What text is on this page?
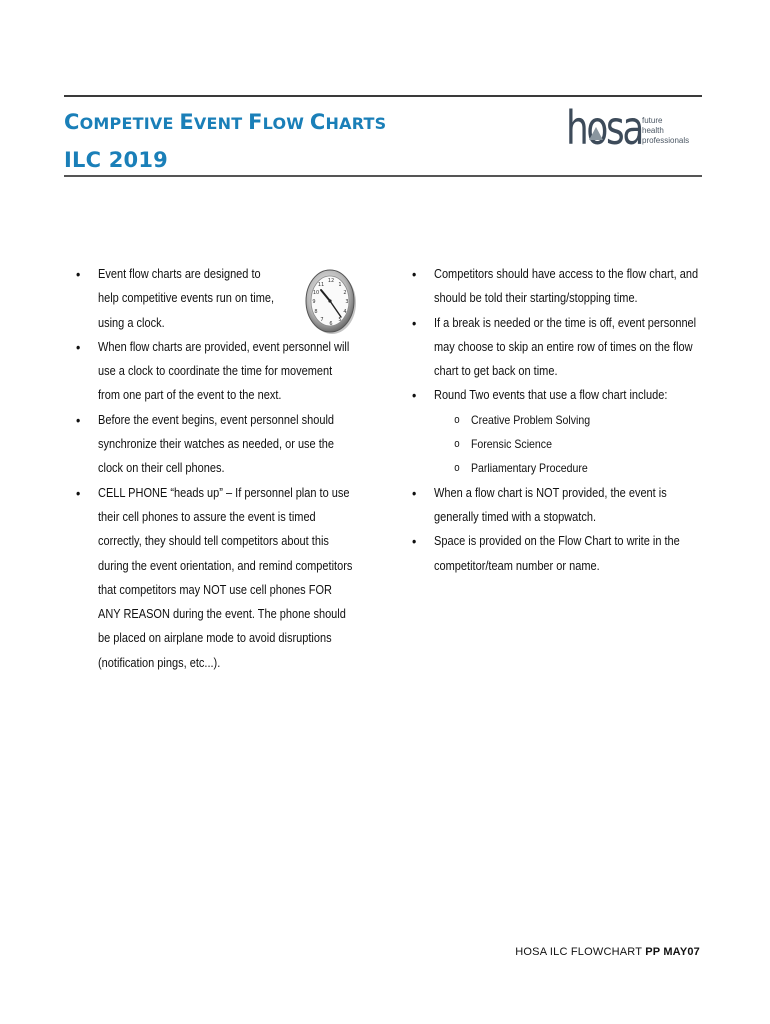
COMPETIVE EVENT FLOW CHARTS
ILC 2019
hosa future
health
professionals
• Event flow charts are designed to help competitive events run on time, using a clock.
• When flow charts are provided, event personnel will use a clock to coordinate the time for movement from one part of the event to the next.
• Before the event begins, event personnel should synchronize their watches as needed, or use the clock on their cell phones.
• CELL PHONE “heads up” – If personnel plan to use their cell phones to assure the event is timed correctly, they should tell competitors about this during the event orientation, and remind competitors that competitors may NOT use cell phones FOR ANY REASON during the event. The phone should be placed on airplane mode to avoid disruptions (notification pings, etc...).
12
1
2
3
4
5
6
7
8
9
10
11
• Competitors should have access to the flow chart, and should be told their starting/stopping time.
• If a break is needed or the time is off, event personnel may choose to skip an entire row of times on the flow chart to get back on time.
• Round Two events that use a flow chart include:
o Creative Problem Solving
o Forensic Science
o Parliamentary Procedure
• When a flow chart is NOT provided, the event is generally timed with a stopwatch.
• Space is provided on the Flow Chart to write in the competitor/team number or name.
HOSA ILC FLOWCHART PP MAY07
